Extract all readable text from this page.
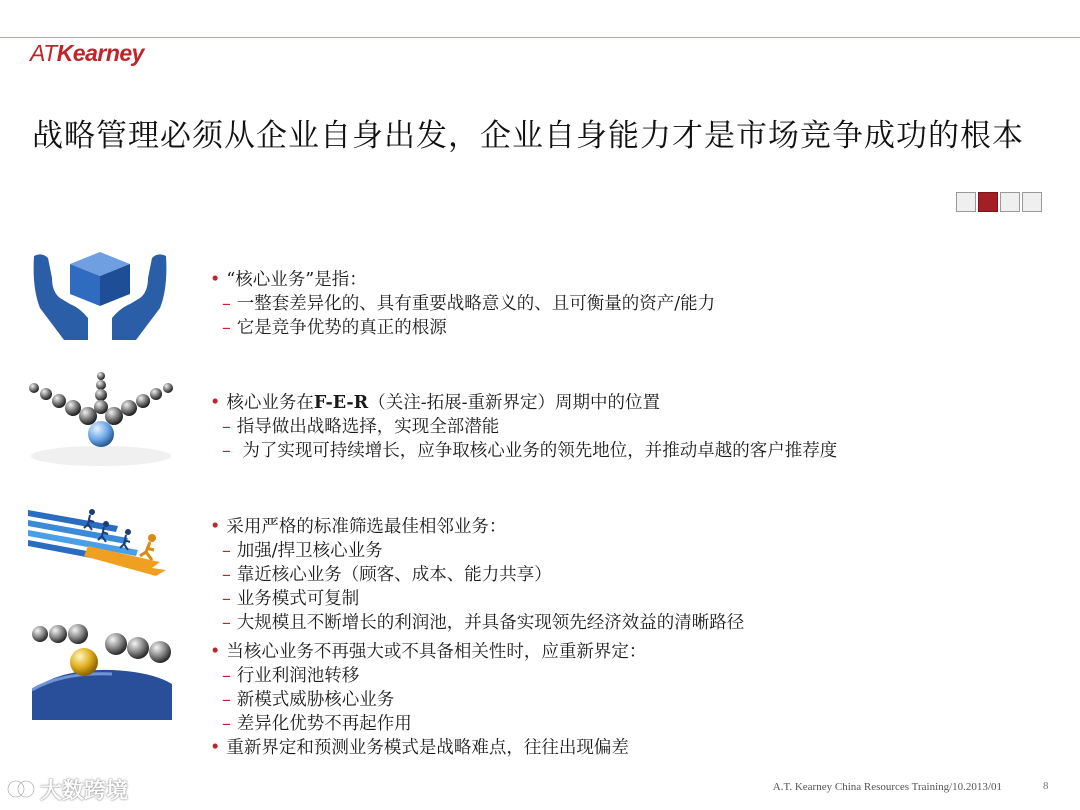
ATKearney
战略管理必须从企业自身出发，企业自身能力才是市场竞争成功的根本
• “核心业务”是指：
– 一整套差异化的、具有重要战略意义的、且可衡量的资产/能力
– 它是竞争优势的真正的根源
• 核心业务在F-E-R（关注-拓展-重新界定）周期中的位置
– 指导做出战略选择，实现全部潜能
– 为了实现可持续增长，应争取核心业务的领先地位，并推动卓越的客户推荐度
• 采用严格的标准筛选最佳相邻业务：
– 加强/捍卫核心业务
– 靠近核心业务（顾客、成本、能力共享）
– 业务模式可复制
– 大规模且不断增长的利润池，并具备实现领先经济效益的清晰路径
• 当核心业务不再强大或不具备相关性时，应重新界定：
– 行业利润池转移
– 新模式威胁核心业务
– 差异化优势不再起作用
• 重新界定和预测业务模式是战略难点，往往出现偏差
大数跨境	A.T. Kearney China Resources Training/10.2013/01	8
